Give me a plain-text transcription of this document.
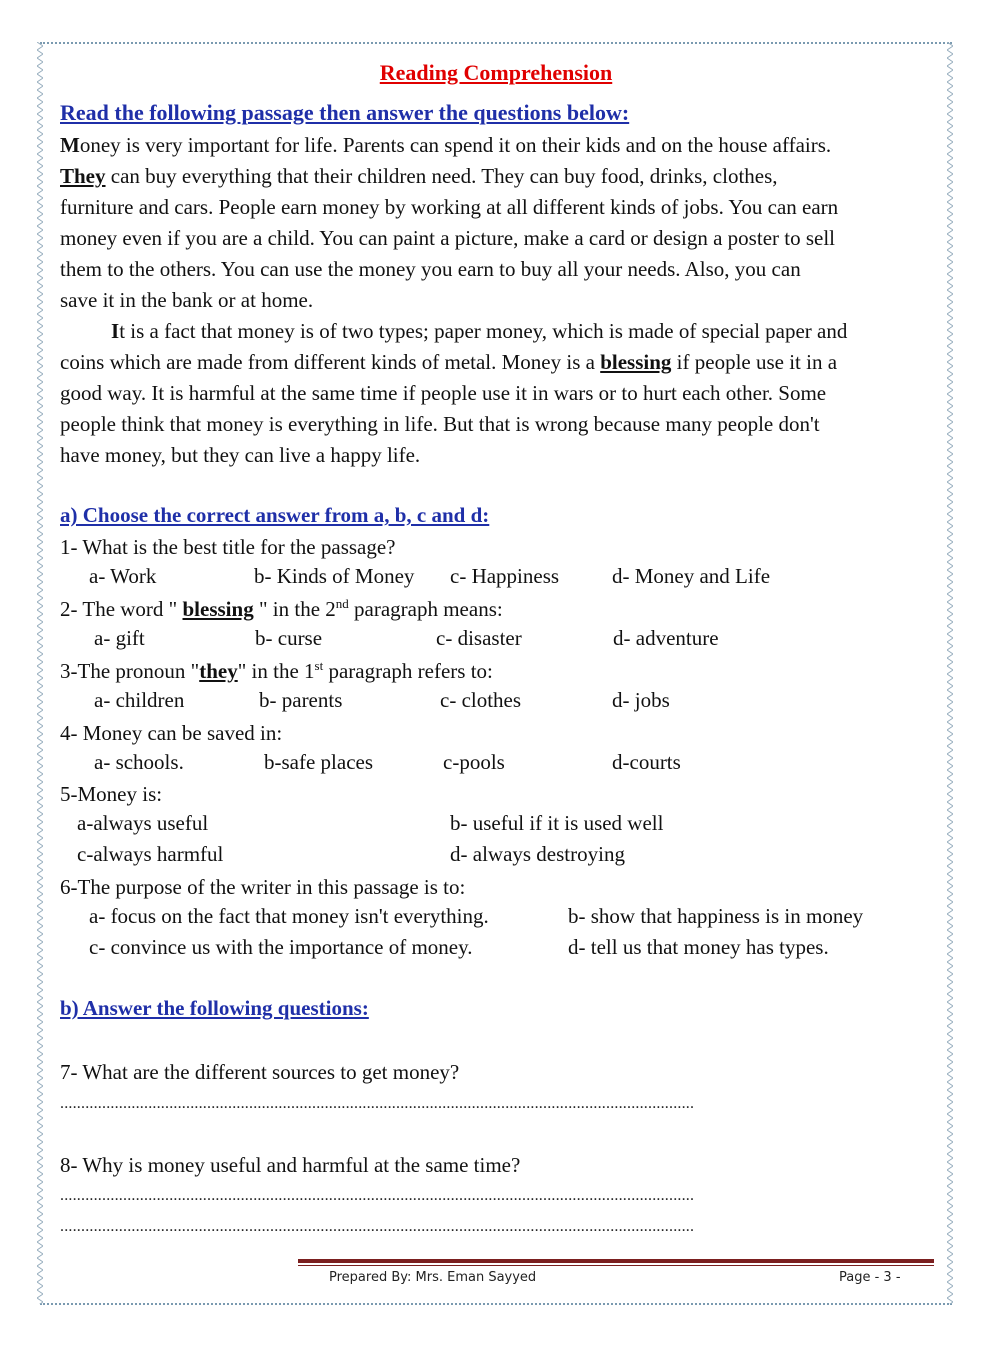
Reading Comprehension
Read the following passage then answer the questions below:
Money is very important for life. Parents can spend it on their kids and on the house affairs.
They can buy everything that their children need. They can buy food, drinks, clothes,
furniture and cars. People earn money by working at all different kinds of jobs. You can earn
money even if you are a child. You can paint a picture, make a card or design a poster to sell
them to the others. You can use the money you earn to buy all your needs. Also, you can
save it in the bank or at home.
It is a fact that money is of two types; paper money, which is made of special paper and
coins which are made from different kinds of metal. Money is a blessing if people use it in a
good way. It is harmful at the same time if people use it in wars or to hurt each other. Some
people think that money is everything in life. But that is wrong because many people don't
have money, but they can live a happy life.
a) Choose the correct answer from a, b, c and d:
1- What is the best title for the passage?
a- Work	b- Kinds of Money c- Happiness	d- Money and Life
2- The word " blessing " in the 2nd paragraph means:
a- gift	b- curse	c- disaster	d- adventure
3-The pronoun "they" in the 1st paragraph refers to:
a- children	b- parents	c- clothes	d- jobs
4- Money can be saved in:
a- schools.	b-safe places	c-pools	d-courts
5-Money is:
a-always useful	b- useful if it is used well
c-always harmful	d- always destroying
6-The purpose of the writer in this passage is to:
a- focus on the fact that money isn't everything.	b- show that happiness is in money
c- convince us with the importance of money.	d- tell us that money has types.
b) Answer the following questions:
7- What are the different sources to get money?
.......................................................................................................................................................
8- Why is money useful and harmful at the same time?
.......................................................................................................................................................
.......................................................................................................................................................
Prepared By: Mrs. Eman Sayyed	Page - 3 -
